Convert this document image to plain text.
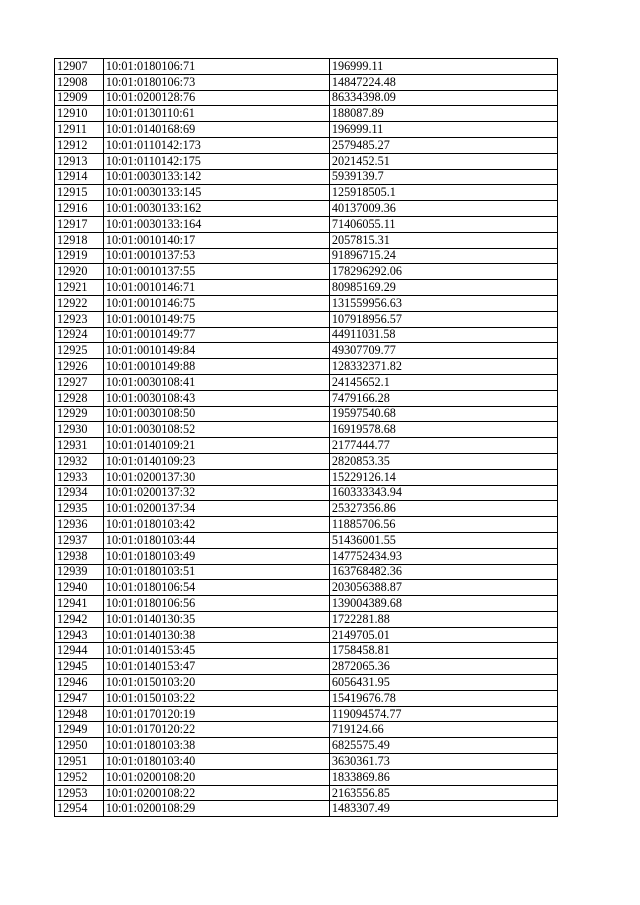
12907	10:01:0180106:71	196999.11
12908	10:01:0180106:73	14847224.48
12909	10:01:0200128:76	86334398.09
12910	10:01:0130110:61	188087.89
12911	10:01:0140168:69	196999.11
12912	10:01:0110142:173	2579485.27
12913	10:01:0110142:175	2021452.51
12914	10:01:0030133:142	5939139.7
12915	10:01:0030133:145	125918505.1
12916	10:01:0030133:162	40137009.36
12917	10:01:0030133:164	71406055.11
12918	10:01:0010140:17	2057815.31
12919	10:01:0010137:53	91896715.24
12920	10:01:0010137:55	178296292.06
12921	10:01:0010146:71	80985169.29
12922	10:01:0010146:75	131559956.63
12923	10:01:0010149:75	107918956.57
12924	10:01:0010149:77	44911031.58
12925	10:01:0010149:84	49307709.77
12926	10:01:0010149:88	128332371.82
12927	10:01:0030108:41	24145652.1
12928	10:01:0030108:43	7479166.28
12929	10:01:0030108:50	19597540.68
12930	10:01:0030108:52	16919578.68
12931	10:01:0140109:21	2177444.77
12932	10:01:0140109:23	2820853.35
12933	10:01:0200137:30	15229126.14
12934	10:01:0200137:32	160333343.94
12935	10:01:0200137:34	25327356.86
12936	10:01:0180103:42	11885706.56
12937	10:01:0180103:44	51436001.55
12938	10:01:0180103:49	147752434.93
12939	10:01:0180103:51	163768482.36
12940	10:01:0180106:54	203056388.87
12941	10:01:0180106:56	139004389.68
12942	10:01:0140130:35	1722281.88
12943	10:01:0140130:38	2149705.01
12944	10:01:0140153:45	1758458.81
12945	10:01:0140153:47	2872065.36
12946	10:01:0150103:20	6056431.95
12947	10:01:0150103:22	15419676.78
12948	10:01:0170120:19	119094574.77
12949	10:01:0170120:22	719124.66
12950	10:01:0180103:38	6825575.49
12951	10:01:0180103:40	3630361.73
12952	10:01:0200108:20	1833869.86
12953	10:01:0200108:22	2163556.85
12954	10:01:0200108:29	1483307.49
